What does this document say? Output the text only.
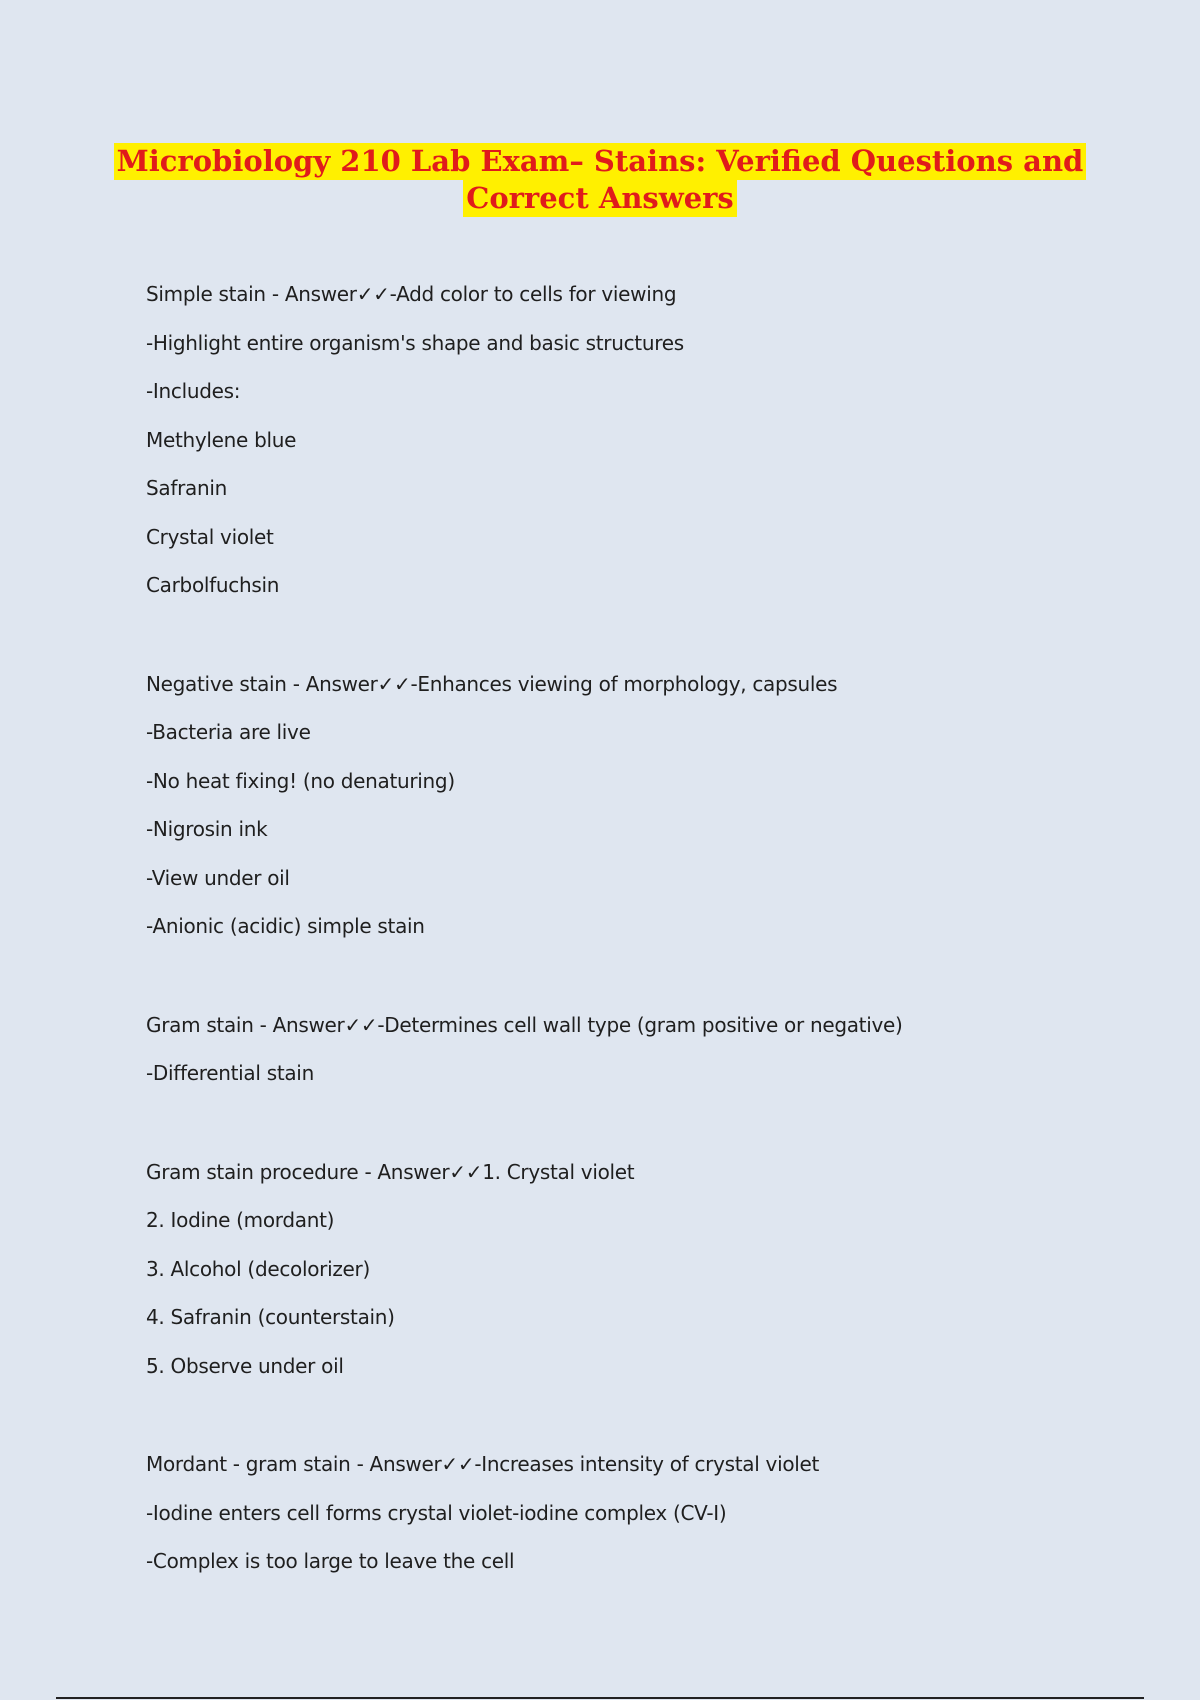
Microbiology 210 Lab Exam– Stains: Verified Questions and
Correct Answers
Simple stain - Answer✓✓-Add color to cells for viewing
-Highlight entire organism's shape and basic structures
-Includes:
Methylene blue
Safranin
Crystal violet
Carbolfuchsin
Negative stain - Answer✓✓-Enhances viewing of morphology, capsules
-Bacteria are live
-No heat fixing! (no denaturing)
-Nigrosin ink
-View under oil
-Anionic (acidic) simple stain
Gram stain - Answer✓✓-Determines cell wall type (gram positive or negative)
-Differential stain
Gram stain procedure - Answer✓✓1. Crystal violet
2. Iodine (mordant)
3. Alcohol (decolorizer)
4. Safranin (counterstain)
5. Observe under oil
Mordant - gram stain - Answer✓✓-Increases intensity of crystal violet
-Iodine enters cell forms crystal violet-iodine complex (CV-I)
-Complex is too large to leave the cell
